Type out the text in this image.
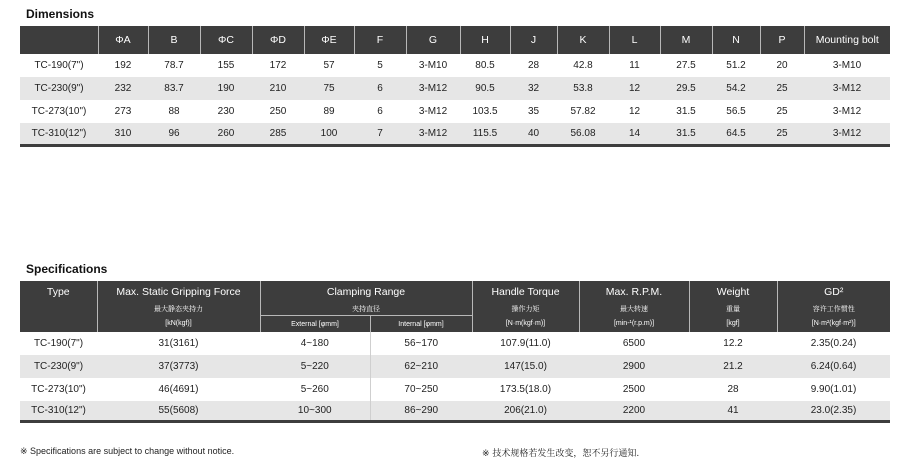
Dimensions
	ΦA	B	ΦC	ΦD	ΦE	F	G	H	J	K	L	M	N	P	Mounting bolt
TC-190(7")	192	78.7	155	172	57	5	3-M10	80.5	28	42.8	11	27.5	51.2	20	3-M10
TC-230(9")	232	83.7	190	210	75	6	3-M12	90.5	32	53.8	12	29.5	54.2	25	3-M12
TC-273(10")	273	88	230	250	89	6	3-M12	103.5	35	57.82	12	31.5	56.5	25	3-M12
TC-310(12")	310	96	260	285	100	7	3-M12	115.5	40	56.08	14	31.5	64.5	25	3-M12
Specifications
Type	Max. Static Gripping Force	Clamping Range		Handle Torque	Max. R.P.M.	Weight	GD²
	最大静态夹持力	夹持直径		操作力矩	最大转速	重量	容许工作惯性
	[kN(kgf)]	External [φmm]	Internal [φmm]	[N·m(kgf·m)]	[min-¹(r.p.m)]	[kgf]	[N·m²(kgf·m²)]
TC-190(7")	31(3161)	4~180	56~170	107.9(11.0)	6500	12.2	2.35(0.24)
TC-230(9")	37(3773)	5~220	62~210	147(15.0)	2900	21.2	6.24(0.64)
TC-273(10")	46(4691)	5~260	70~250	173.5(18.0)	2500	28	9.90(1.01)
TC-310(12")	55(5608)	10~300	86~290	206(21.0)	2200	41	23.0(2.35)
※ Specifications are subject to change without notice.	※ 技术规格若发生改变，恕不另行通知.
